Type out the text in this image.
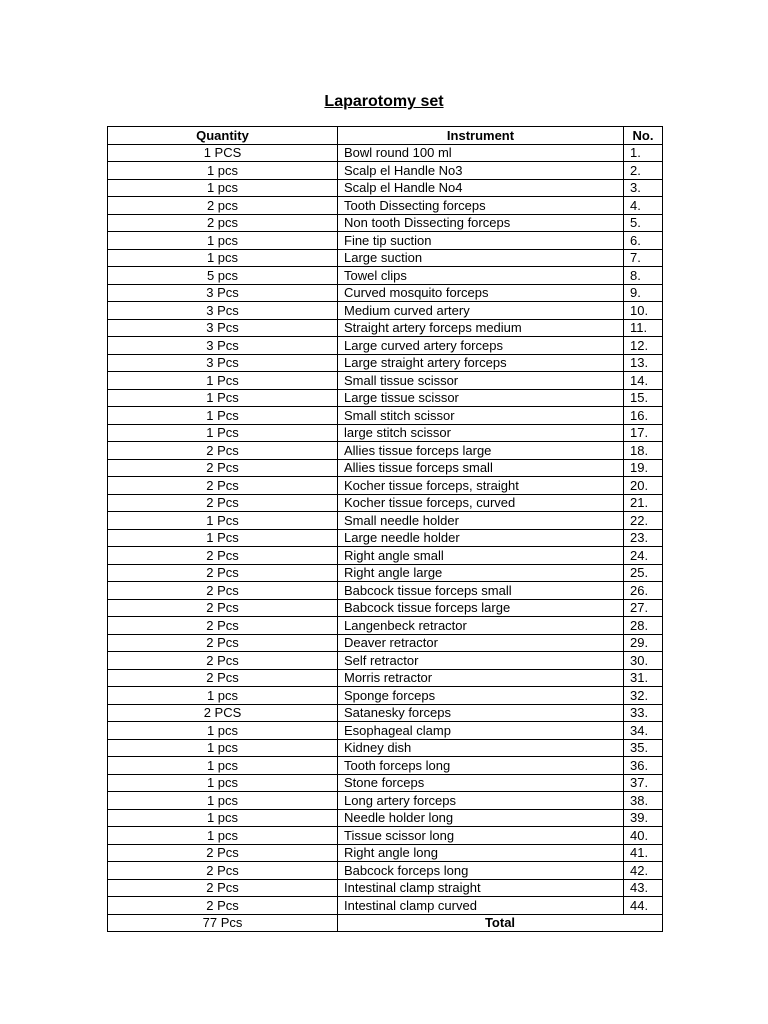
Laparotomy set
Quantity	Instrument	No.
1 PCS	Bowl round 100 ml	1.
1 pcs	Scalp el Handle No3	2.
1 pcs	Scalp el Handle No4	3.
2 pcs	Tooth Dissecting forceps	4.
2 pcs	Non tooth Dissecting forceps	5.
1 pcs	Fine tip suction	6.
1 pcs	Large suction	7.
5 pcs	Towel clips	8.
3 Pcs	Curved mosquito forceps	9.
3 Pcs	Medium curved artery	10.
3 Pcs	Straight artery forceps medium	11.
3 Pcs	Large curved artery forceps	12.
3 Pcs	Large straight artery forceps	13.
1 Pcs	Small tissue scissor	14.
1 Pcs	Large tissue scissor	15.
1 Pcs	Small stitch scissor	16.
1 Pcs	large stitch scissor	17.
2 Pcs	Allies tissue forceps large	18.
2 Pcs	Allies tissue forceps small	19.
2 Pcs	Kocher tissue forceps, straight	20.
2 Pcs	Kocher tissue forceps, curved	21.
1 Pcs	Small needle holder	22.
1 Pcs	Large needle holder	23.
2 Pcs	Right angle small	24.
2 Pcs	Right angle large	25.
2 Pcs	Babcock tissue forceps small	26.
2 Pcs	Babcock tissue forceps large	27.
2 Pcs	Langenbeck retractor	28.
2 Pcs	Deaver retractor	29.
2 Pcs	Self retractor	30.
2 Pcs	Morris retractor	31.
1 pcs	Sponge forceps	32.
2 PCS	Satanesky forceps	33.
1 pcs	Esophageal clamp	34.
1 pcs	Kidney dish	35.
1 pcs	Tooth forceps long	36.
1 pcs	Stone forceps	37.
1 pcs	Long artery forceps	38.
1 pcs	Needle holder long	39.
1 pcs	Tissue scissor long	40.
2 Pcs	Right angle long	41.
2 Pcs	Babcock forceps long	42.
2 Pcs	Intestinal clamp straight	43.
2 Pcs	Intestinal clamp curved	44.
77 Pcs	Total	
